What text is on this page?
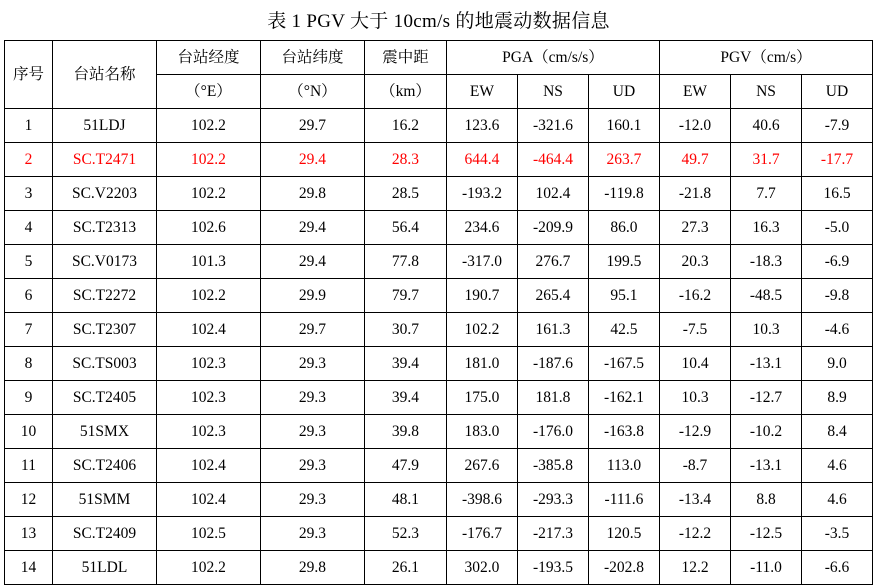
表 1 PGV 大于 10cm/s 的地震动数据信息
序号	台站名称	台站经度	台站纬度	震中距	PGA（cm/s/s）			PGV（cm/s）		
		（°E）	（°N）	（km）	EW	NS	UD	EW	NS	UD
1	51LDJ	102.2	29.7	16.2	123.6	-321.6	160.1	-12.0	40.6	-7.9
2	SC.T2471	102.2	29.4	28.3	644.4	-464.4	263.7	49.7	31.7	-17.7
3	SC.V2203	102.2	29.8	28.5	-193.2	102.4	-119.8	-21.8	7.7	16.5
4	SC.T2313	102.6	29.4	56.4	234.6	-209.9	86.0	27.3	16.3	-5.0
5	SC.V0173	101.3	29.4	77.8	-317.0	276.7	199.5	20.3	-18.3	-6.9
6	SC.T2272	102.2	29.9	79.7	190.7	265.4	95.1	-16.2	-48.5	-9.8
7	SC.T2307	102.4	29.7	30.7	102.2	161.3	42.5	-7.5	10.3	-4.6
8	SC.TS003	102.3	29.3	39.4	181.0	-187.6	-167.5	10.4	-13.1	9.0
9	SC.T2405	102.3	29.3	39.4	175.0	181.8	-162.1	10.3	-12.7	8.9
10	51SMX	102.3	29.3	39.8	183.0	-176.0	-163.8	-12.9	-10.2	8.4
11	SC.T2406	102.4	29.3	47.9	267.6	-385.8	113.0	-8.7	-13.1	4.6
12	51SMM	102.4	29.3	48.1	-398.6	-293.3	-111.6	-13.4	8.8	4.6
13	SC.T2409	102.5	29.3	52.3	-176.7	-217.3	120.5	-12.2	-12.5	-3.5
14	51LDL	102.2	29.8	26.1	302.0	-193.5	-202.8	12.2	-11.0	-6.6
